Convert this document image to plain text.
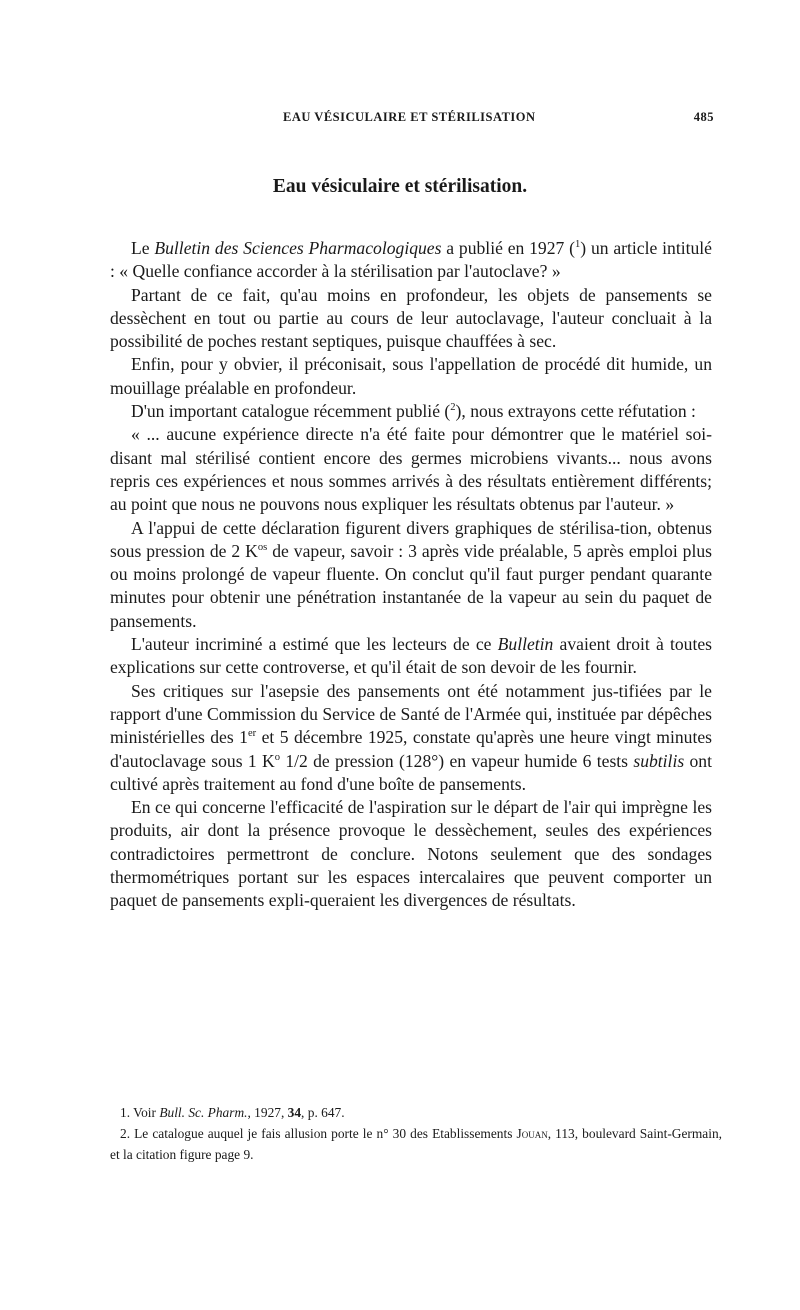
EAU VÉSICULAIRE ET STÉRILISATION	485
Eau vésiculaire et stérilisation.

Le Bulletin des Sciences Pharmacologiques a publié en 1927 ($^1$) un article intitulé : « Quelle confiance accorder à la stérilisation par l'autoclave? »

Partant de ce fait, qu'au moins en profondeur, les objets de pansements se dessèchent en tout ou partie au cours de leur autoclavage, l'auteur concluait à la possibilité de poches restant septiques, puisque chauffées à sec.

Enfin, pour y obvier, il préconisait, sous l'appellation de procédé dit humide, un mouillage préalable en profondeur.

D'un important catalogue récemment publié ($^2$), nous extrayons cette réfutation :

« ... aucune expérience directe n'a été faite pour démontrer que le matériel soi-disant mal stérilisé contient encore des germes microbiens vivants... nous avons repris ces expériences et nous sommes arrivés à des résultats entièrement différents; au point que nous ne pouvons nous expliquer les résultats obtenus par l'auteur. »

A l'appui de cette déclaration figurent divers graphiques de stérilisa-tion, obtenus sous pression de 2 $K^{os}$ de vapeur, savoir : 3 après vide préalable, 5 après emploi plus ou moins prolongé de vapeur fluente. On conclut qu'il faut purger pendant quarante minutes pour obtenir une pénétration instantanée de la vapeur au sein du paquet de pansements.

L'auteur incriminé a estimé que les lecteurs de ce Bulletin avaient droit à toutes explications sur cette controverse, et qu'il était de son devoir de les fournir.

Ses critiques sur l'asepsie des pansements ont été notamment jus-tifiées par le rapport d'une Commission du Service de Santé de l'Armée qui, instituée par dépêches ministérielles des 1er et 5 décembre 1925, constate qu'après une heure vingt minutes d'autoclavage sous 1 $K^o$ 1/2 de pression (128°) en vapeur humide 6 tests subtilis ont cultivé après traitement au fond d'une boîte de pansements.

En ce qui concerne l'efficacité de l'aspiration sur le départ de l'air qui imprègne les produits, air dont la présence provoque le dessèchement, seules des expériences contradictoires permettront de conclure. Notons seulement que des sondages thermométriques portant sur les espaces intercalaires que peuvent comporter un paquet de pansements expli-queraient les divergences de résultats.

1. Voir Bull. Sc. Pharm., 1927, 34, p. 647.

2. Le catalogue auquel je fais allusion porte le n° 30 des Etablissements Jouan, 113, boulevard Saint-Germain, et la citation figure page 9.
